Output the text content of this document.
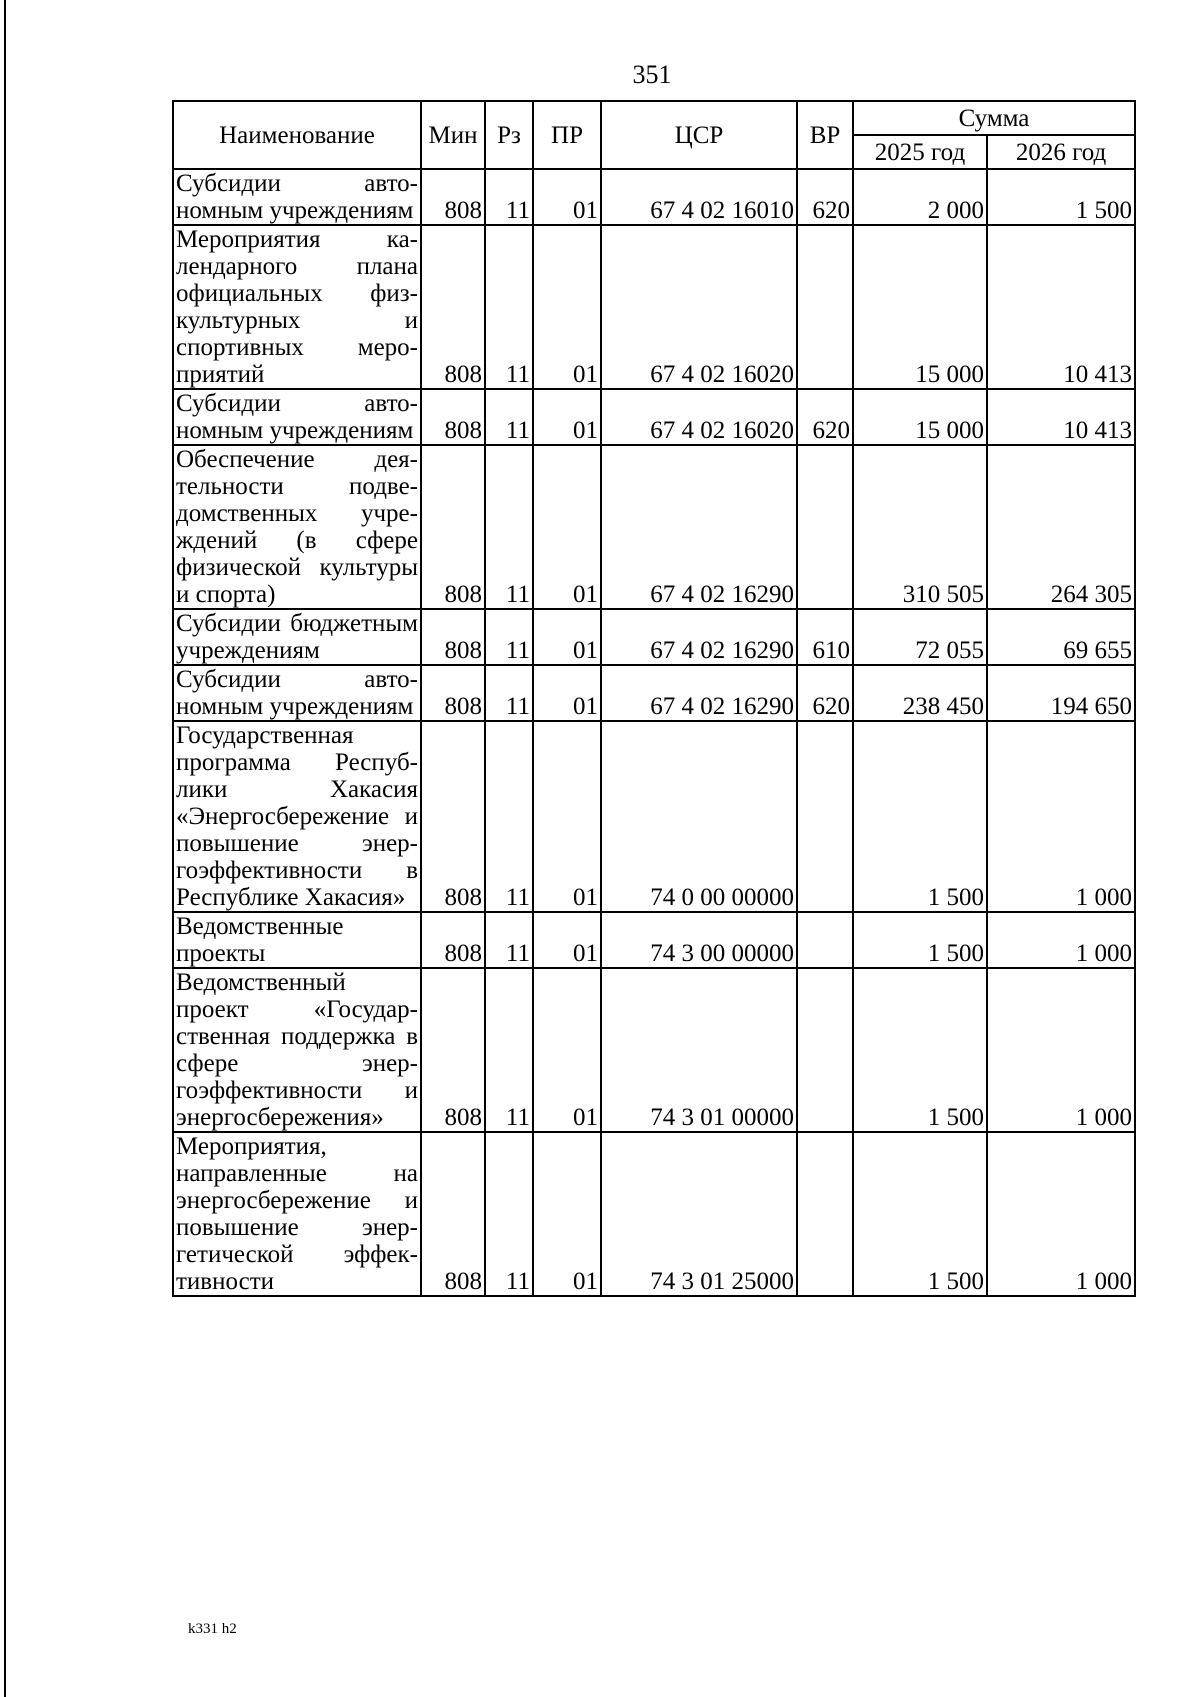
351
Наименование	Мин	Рз	ПР	ЦСР	ВР	Сумма	
						2025 год	2026 год
Субсидии автономным учреждениям	808	11	01	67 4 02 16010	620	2 000	1 500
Мероприятия календарного плана официальных физкультурных и спортивных мероприятий	808	11	01	67 4 02 16020		15 000	10 413
Субсидии автономным учреждениям	808	11	01	67 4 02 16020	620	15 000	10 413
Обеспечение деятельности подведомственных учреждений (в сфере физической культуры и спорта)	808	11	01	67 4 02 16290		310 505	264 305
Субсидии бюджетным учреждениям	808	11	01	67 4 02 16290	610	72 055	69 655
Субсидии автономным учреждениям	808	11	01	67 4 02 16290	620	238 450	194 650
Государственная программа Республики Хакасия «Энергосбережение и повышение энергоэффективности в Республике Хакасия»	808	11	01	74 0 00 00000		1 500	1 000
Ведомственные проекты	808	11	01	74 3 00 00000		1 500	1 000
Ведомственный проект «Государственная поддержка в сфере энергоэффективности и энергосбережения»	808	11	01	74 3 01 00000		1 500	1 000
Мероприятия, направленные на энергосбережение и повышение энергетической эффективности	808	11	01	74 3 01 25000		1 500	1 000
k331 h2
